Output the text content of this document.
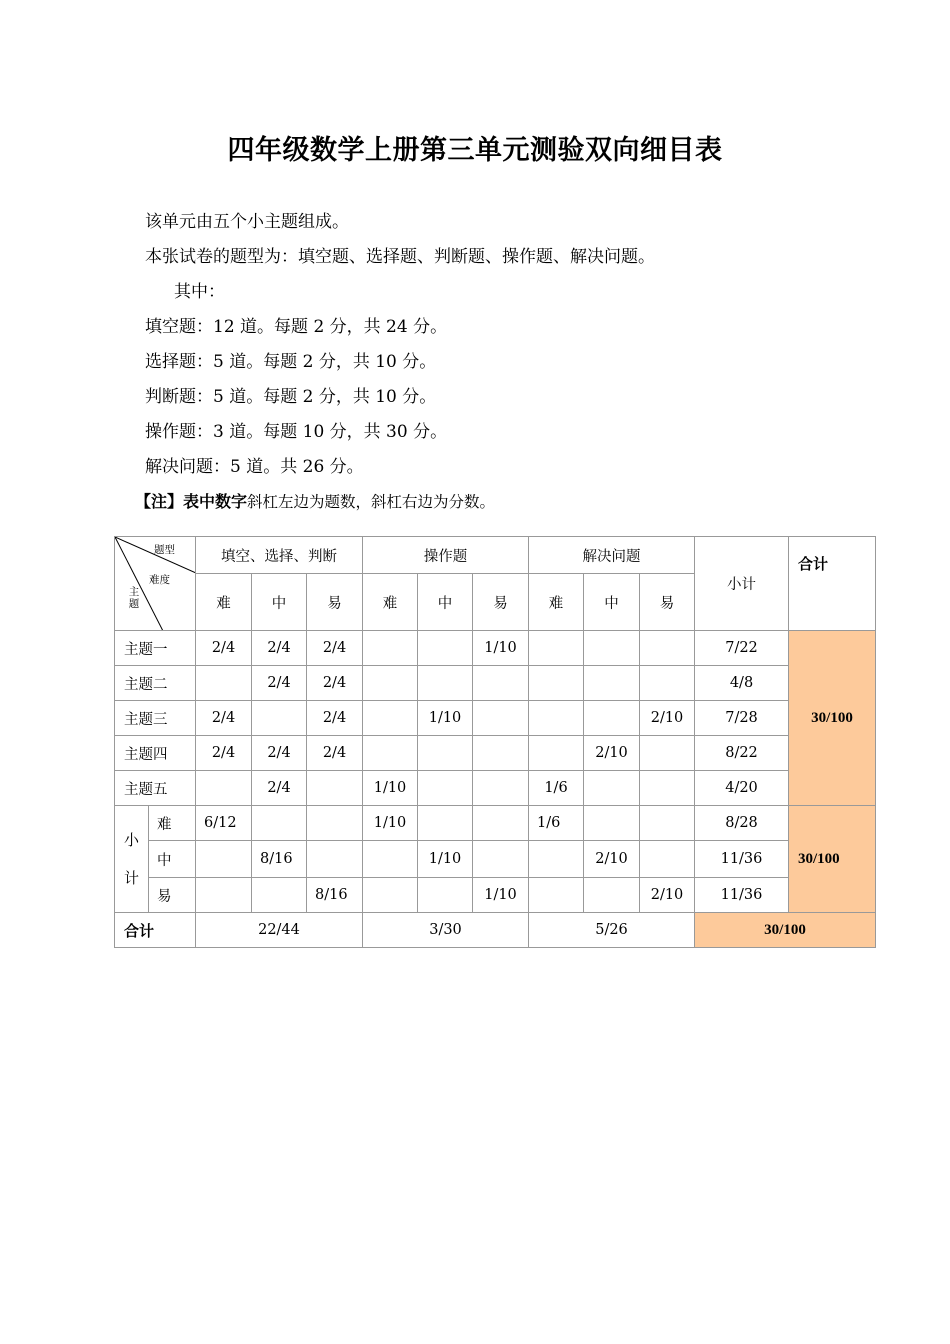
四年级数学上册第三单元测验双向细目表

该单元由五个小主题组成。

本张试卷的题型为：填空题、选择题、判断题、操作题、解决问题。

其中：

填空题：12 道。每题 2 分，共 24 分。

选择题：5 道。每题 2 分，共 10 分。

判断题：5 道。每题 2 分，共 10 分。

操作题：3 道。每题 10 分，共 30 分。

解决问题：5 道。共 26 分。

【注】表中数字斜杠左边为题数，斜杠右边为分数。
题型
难度
主题		填空、选择、判断			操作题			解决问题			小计	合计
		难	中	易	难	中	易	难	中	易		
主题一		2/4	2/4	2/4			1/10				7/22	30/100
主题二			2/4	2/4							4/8	
主题三		2/4		2/4		1/10				2/10	7/28	
主题四		2/4	2/4	2/4					2/10		8/22	
主题五			2/4		1/10			1/6			4/20	

小
计	难	6/12			1/10			1/6			8/28	30/100
	中		8/16			1/10			2/10		11/36	
	易			8/16			1/10			2/10	11/36	
合计		22/44			3/30			5/26			30/100	
